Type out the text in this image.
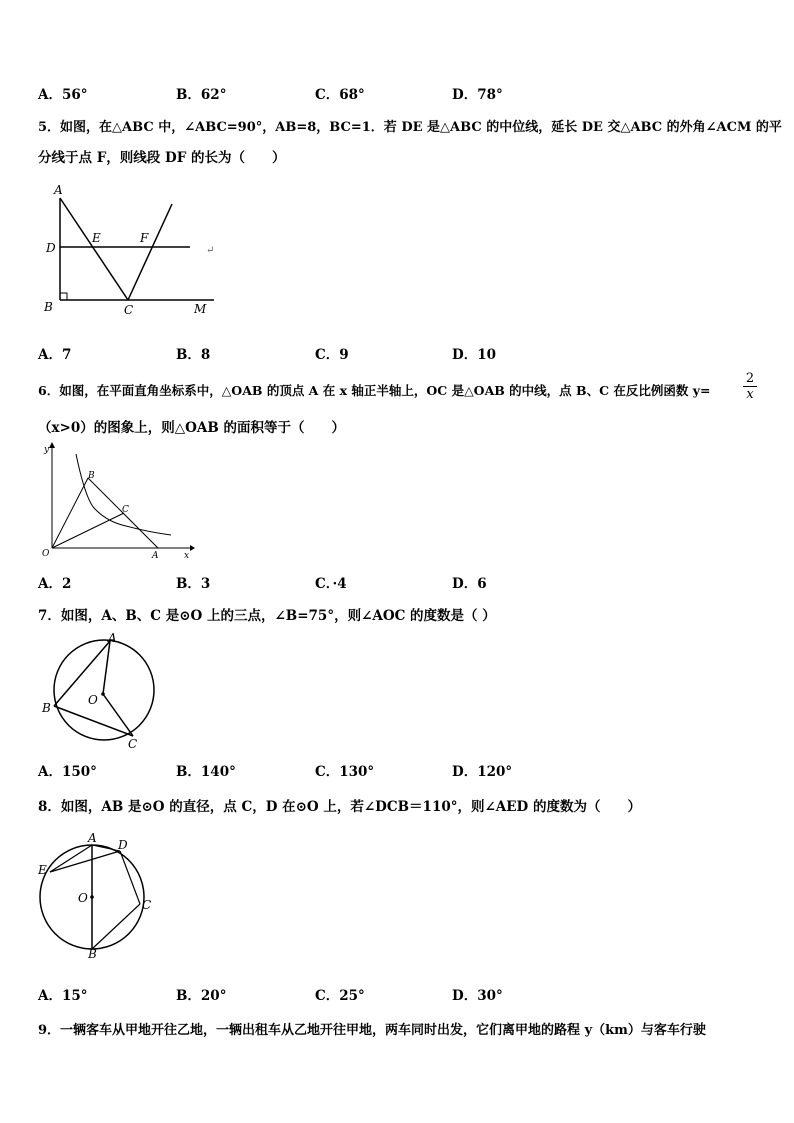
A．56°	B．62°	C．68°	D．78°
5．如图，在△ABC 中，∠ABC=90°，AB=8，BC=1．若 DE 是△ABC 的中位线，延长 DE 交△ABC 的外角∠ACM 的平
分线于点 F，则线段 DF 的长为（　　）
A
D
E	F
B	C	M
↵
A．7	B．8	C．9	D．10
6．如图，在平面直角坐标系中，△OAB 的顶点 A 在 x 轴正半轴上，OC 是△OAB 的中线，点 B、C 在反比例函数 y=	$\frac{2}{x}$
（x>0）的图象上，则△OAB 的面积等于（　　）
y
x
O	A
B
C
A．2	B．3	C．·4	D．6
7．如图，A、B、C 是⊙O 上的三点，∠B=75°，则∠AOC 的度数是（ ）
A
B
O
C
A．150°	B．140°	C．130°	D．120°
8．如图，AB 是⊙O 的直径，点 C，D 在⊙O 上，若∠DCB＝110°，则∠AED 的度数为（　　）
A D
E
O	C
B
A．15°	B．20°	C．25°	D．30°
9．一辆客车从甲地开往乙地，一辆出租车从乙地开往甲地，两车同时出发，它们离甲地的路程 y（km）与客车行驶
